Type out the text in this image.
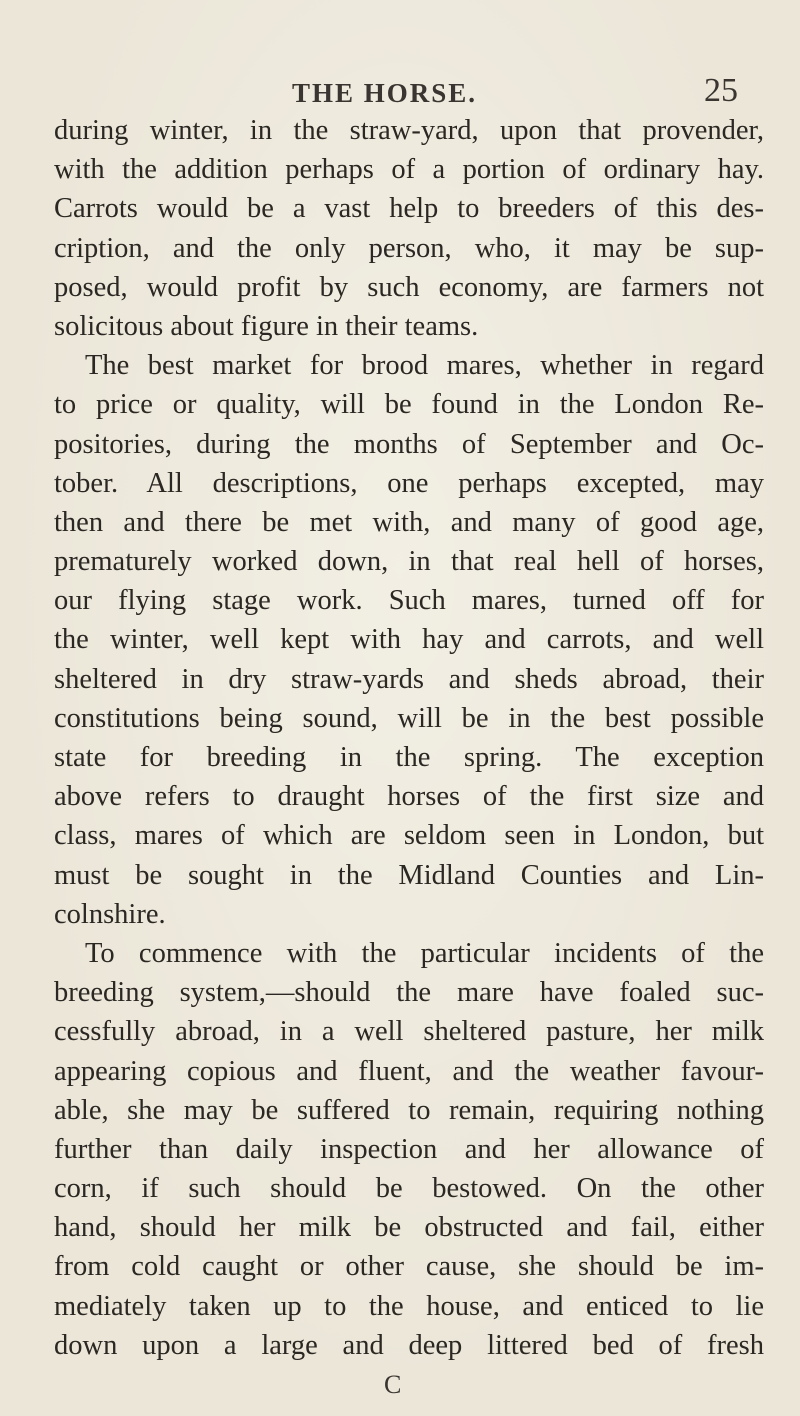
THE HORSE.	25
during winter, in the straw-yard, upon that provender,
with the addition perhaps of a portion of ordinary hay.
Carrots would be a vast help to breeders of this des-
cription, and the only person, who, it may be sup-
posed, would profit by such economy, are farmers not
solicitous about figure in their teams.
The best market for brood mares, whether in regard
to price or quality, will be found in the London Re-
positories, during the months of September and Oc-
tober. All descriptions, one perhaps excepted, may
then and there be met with, and many of good age,
prematurely worked down, in that real hell of horses,
our flying stage work. Such mares, turned off for
the winter, well kept with hay and carrots, and well
sheltered in dry straw-yards and sheds abroad, their
constitutions being sound, will be in the best possible
state for breeding in the spring. The exception
above refers to draught horses of the first size and
class, mares of which are seldom seen in London, but
must be sought in the Midland Counties and Lin-
colnshire.
To commence with the particular incidents of the
breeding system,—should the mare have foaled suc-
cessfully abroad, in a well sheltered pasture, her milk
appearing copious and fluent, and the weather favour-
able, she may be suffered to remain, requiring nothing
further than daily inspection and her allowance of
corn, if such should be bestowed. On the other
hand, should her milk be obstructed and fail, either
from cold caught or other cause, she should be im-
mediately taken up to the house, and enticed to lie
down upon a large and deep littered bed of fresh
C
